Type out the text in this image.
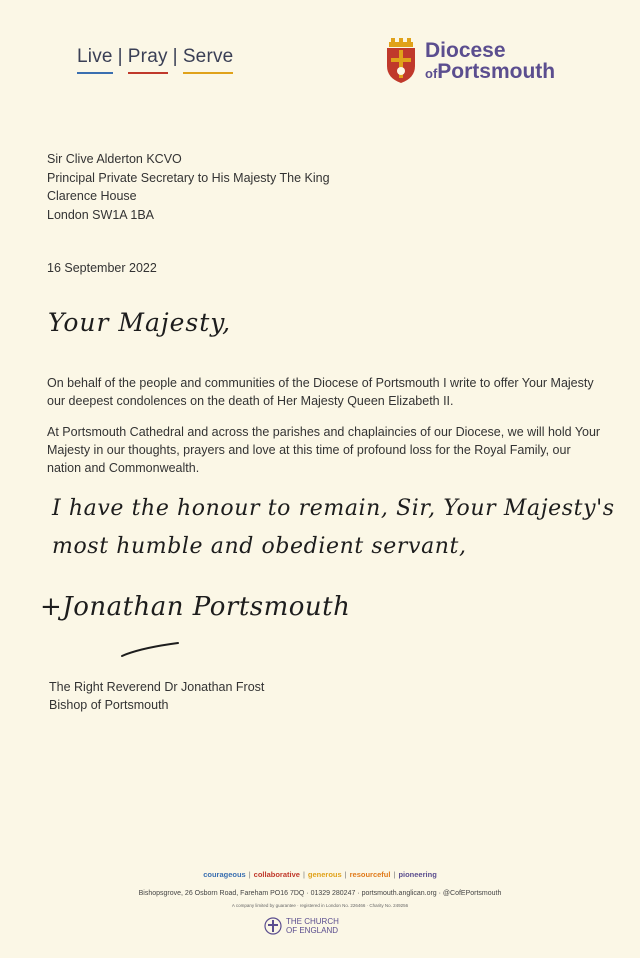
Live | Pray | Serve	Diocese
ofPortsmouth
Sir Clive Alderton KCVO
Principal Private Secretary to His Majesty The King
Clarence House
London SW1A 1BA
16 September 2022
Your Majesty,
On behalf of the people and communities of the Diocese of Portsmouth I write to offer Your Majesty our deepest condolences on the death of Her Majesty Queen Elizabeth II.
At Portsmouth Cathedral and across the parishes and chaplaincies of our Diocese, we will hold Your Majesty in our thoughts, prayers and love at this time of profound loss for the Royal Family, our nation and Commonwealth.
I have the honour to remain, Sir, Your Majesty's
most humble and obedient servant,
+Jonathan Portsmouth
The Right Reverend Dr Jonathan Frost
Bishop of Portsmouth
courageous | collaborative | generous | resourceful | pioneering
Bishopsgrove, 26 Osborn Road, Fareham PO16 7DQ · 01329 280247 · portsmouth.anglican.org · @CofEPortsmouth
A company limited by guarantee · registered in London No. 226466 · Charity No. 249256
THE CHURCH
OF ENGLAND
